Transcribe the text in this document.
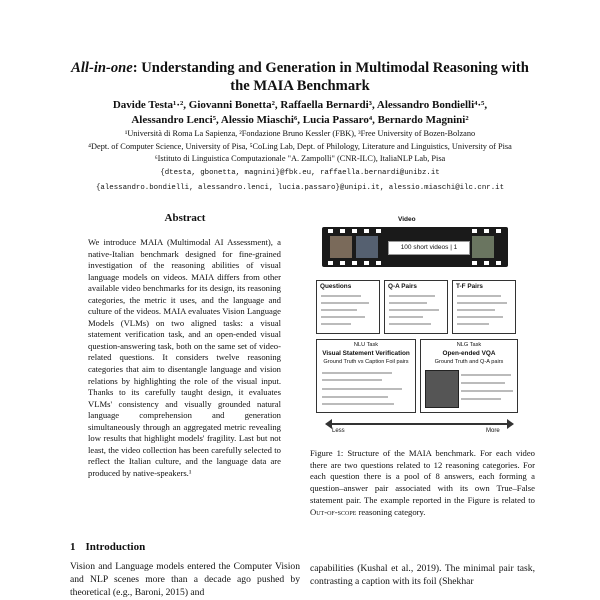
All-in-one: Understanding and Generation in Multimodal Reasoning with
the MAIA Benchmark
Davide Testa¹·², Giovanni Bonetta², Raffaella Bernardi³, Alessandro Bondielli⁴·⁵,
Alessandro Lenci⁵, Alessio Miaschi⁶, Lucia Passaro⁴, Bernardo Magnini²
¹Università di Roma La Sapienza, ²Fondazione Bruno Kessler (FBK), ³Free University of Bozen-Bolzano
⁴Dept. of Computer Science, University of Pisa, ⁵CoLing Lab, Dept. of Philology, Literature and Linguistics, University of Pisa
⁶Istituto di Linguistica Computazionale "A. Zampolli" (CNR-ILC), ItaliaNLP Lab, Pisa
{dtesta, gbonetta, magnini}@fbk.eu, raffaella.bernardi@unibz.it
{alessandro.bondielli, alessandro.lenci, lucia.passaro}@unipi.it, alessio.miaschi@ilc.cnr.it
Abstract
We introduce MAIA (Multimodal AI Assessment), a native-Italian benchmark designed for fine-grained investigation of the reasoning abilities of visual language models on videos. MAIA differs from other available video benchmarks for its design, its reasoning categories, the metric it uses, and the language and culture of the videos. MAIA evaluates Vision Language Models (VLMs) on two aligned tasks: a visual statement verification task, and an open-ended visual question-answering task, both on the same set of video-related questions. It considers twelve reasoning categories that aim to disentangle language and vision relations by highlighting the role of the visual input. Thanks to its carefully taught design, it evaluates VLMs' consistency and visually grounded natural language comprehension and generation simultaneously through an aggregated metric revealing low results that highlight models' fragility. Last but not least, the video collection has been carefully selected to reflect the Italian culture, and the language data are produced by native-speakers.¹
1 Introduction
Vision and Language models entered the Computer Vision and NLP scenes more than a decade ago pushed by theoretical (e.g., Baroni, 2015) and
Video
100 short videos | 1
Questions	Q-A Pairs	T-F Pairs
NLU Task
Visual Statement Verification
Ground Truth vs Caption Foil pairs
NLG Task
Open-ended VQA
Ground Truth and Q-A pairs
Less	More
Figure 1: Structure of the MAIA benchmark. For each video there are two questions related to 12 reasoning categories. For each question there is a pool of 8 answers, each forming a question–answer pair associated with its own True–False statement pair. The example reported in the Figure is related to Out-of-scope reasoning category.
capabilities (Kushal et al., 2019). The minimal pair task, contrasting a caption with its foil (Shekhar
